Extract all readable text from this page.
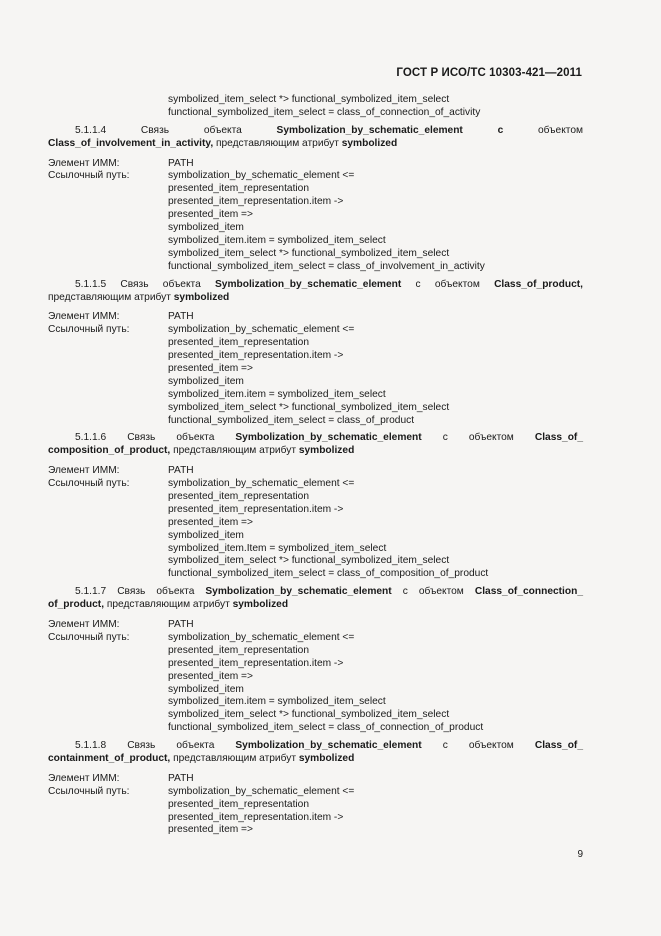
ГОСТ Р ИСО/ТС 10303-421—2011
symbolized_item_select *> functional_symbolized_item_select
functional_symbolized_item_select = class_of_connection_of_activity
5.1.1.4	Связь	объекта	Symbolization_by_schematic_element	с	объектом
Class_of_involvement_in_activity, представляющим атрибут symbolized
Элемент ИММ:	PATH
Ссылочный путь:	symbolization_by_schematic_element <=
presented_item_representation
presented_item_representation.item ->
presented_item =>
symbolized_item
symbolized_item.item = symbolized_item_select
symbolized_item_select *> functional_symbolized_item_select
functional_symbolized_item_select = class_of_involvement_in_activity
5.1.1.5 Связь объекта Symbolization_by_schematic_element с объектом Class_of_product,
представляющим атрибут symbolized
Элемент ИММ:	PATH
Ссылочный путь:	symbolization_by_schematic_element <=
presented_item_representation
presented_item_representation.item ->
presented_item =>
symbolized_item
symbolized_item.item = symbolized_item_select
symbolized_item_select *> functional_symbolized_item_select
functional_symbolized_item_select = class_of_product
5.1.1.6 Связь объекта Symbolization_by_schematic_element с объектом Class_of_
composition_of_product, представляющим атрибут symbolized
Элемент ИММ:	PATH
Ссылочный путь:	symbolization_by_schematic_element <=
presented_item_representation
presented_item_representation.item ->
presented_item =>
symbolized_item
symbolized_item.Item = symbolized_item_select
symbolized_item_select *> functional_symbolized_item_select
functional_symbolized_item_select = class_of_composition_of_product
5.1.1.7 Связь объекта Symbolization_by_schematic_element с объектом Class_of_connection_
of_product, представляющим атрибут symbolized
Элемент ИММ:	PATH
Ссылочный путь:	symbolization_by_schematic_element <=
presented_item_representation
presented_item_representation.item ->
presented_item =>
symbolized_item
symbolized_item.item = symbolized_item_select
symbolized_item_select *> functional_symbolized_item_select
functional_symbolized_item_select = class_of_connection_of_product
5.1.1.8 Связь объекта Symbolization_by_schematic_element с объектом Class_of_
containment_of_product, представляющим атрибут symbolized
Элемент ИММ:	PATH
Ссылочный путь:	symbolization_by_schematic_element <=
presented_item_representation
presented_item_representation.item ->
presented_item =>
9
